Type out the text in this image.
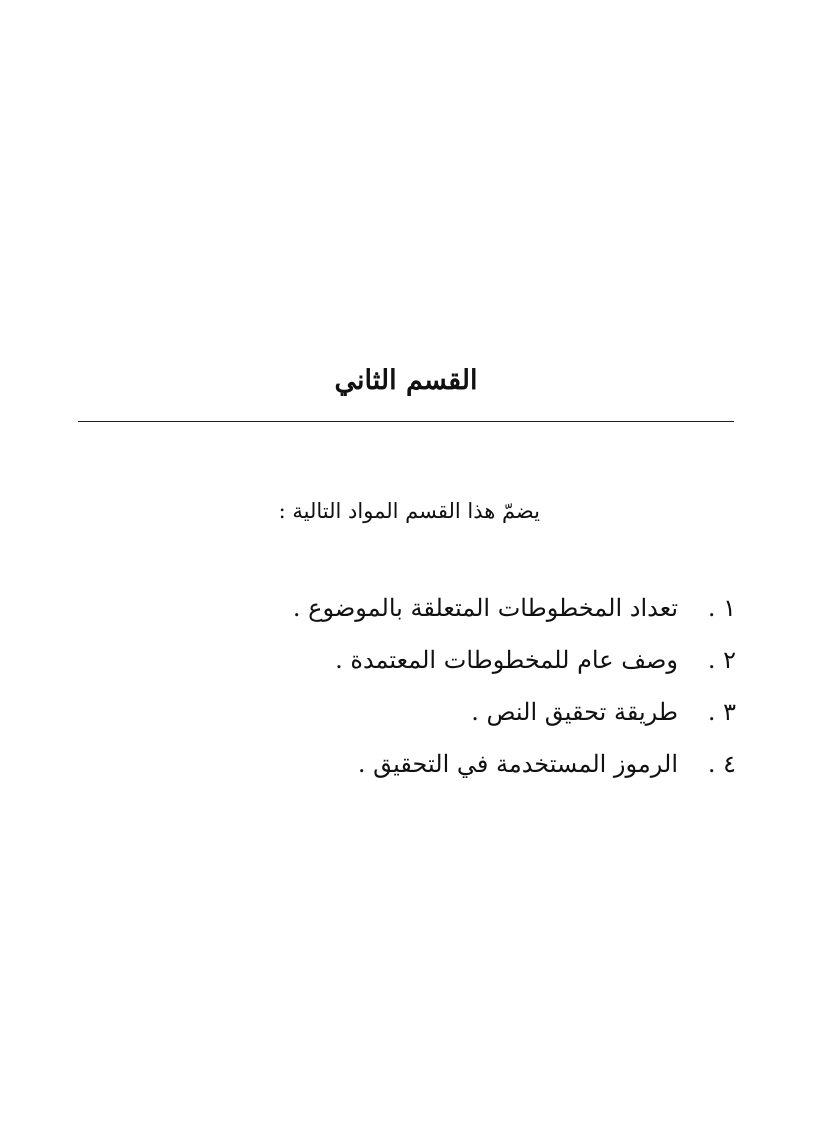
القسم الثاني
يضمّ هذا القسم المواد التالية :
١ .
تعداد المخطوطات المتعلقة بالموضوع .
٢ .
وصف عام للمخطوطات المعتمدة .
٣ .
طريقة تحقيق النص .
٤ .
الرموز المستخدمة في التحقيق .
